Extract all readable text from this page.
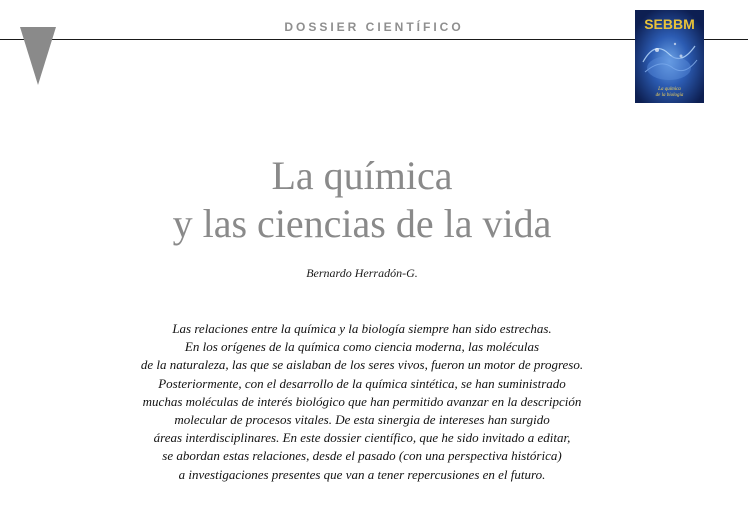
DOSSIER CIENTÍFICO	SEBBM
La química
de la biología
La química
y las ciencias de la vida
Bernardo Herradón-G.
Las relaciones entre la química y la biología siempre han sido estrechas.
En los orígenes de la química como ciencia moderna, las moléculas
de la naturaleza, las que se aislaban de los seres vivos, fueron un motor de progreso.
Posteriormente, con el desarrollo de la química sintética, se han suministrado
muchas moléculas de interés biológico que han permitido avanzar en la descripción
molecular de procesos vitales. De esta sinergia de intereses han surgido
áreas interdisciplinares. En este dossier científico, que he sido invitado a editar,
se abordan estas relaciones, desde el pasado (con una perspectiva histórica)
a investigaciones presentes que van a tener repercusiones en el futuro.
